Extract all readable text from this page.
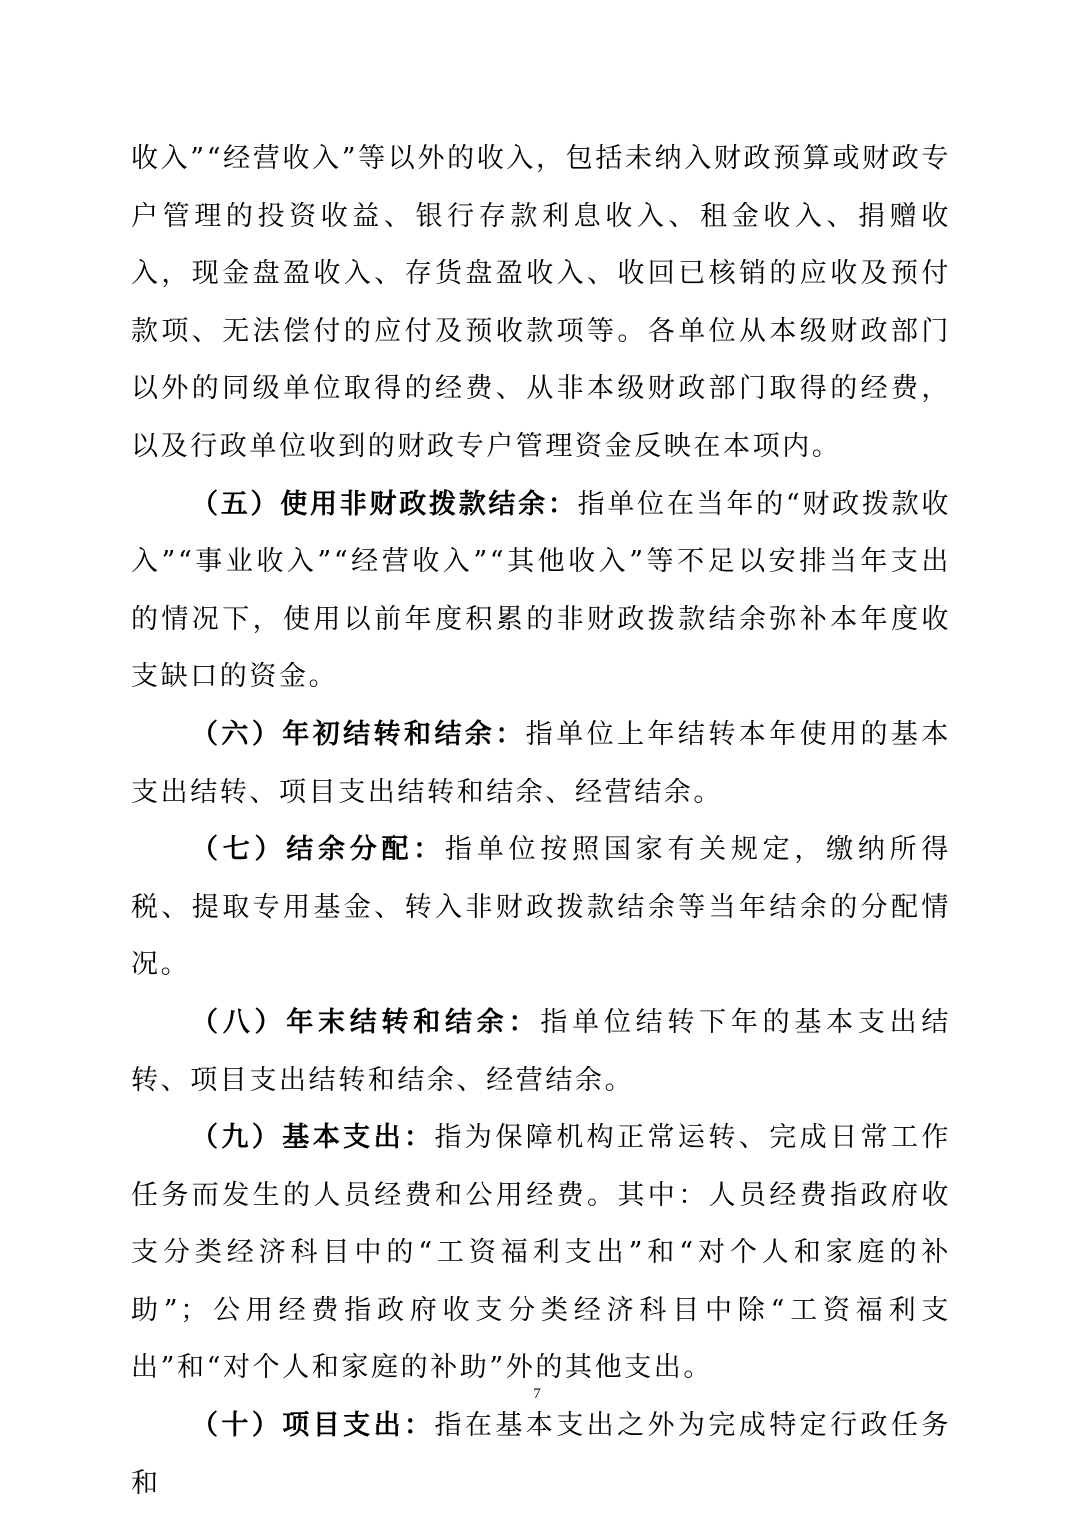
收入”“经营收入”等以外的收入，包括未纳入财政预算或财政专户管理的投资收益、银行存款利息收入、租金收入、捐赠收入，现金盘盈收入、存货盘盈收入、收回已核销的应收及预付款项、无法偿付的应付及预收款项等。各单位从本级财政部门以外的同级单位取得的经费、从非本级财政部门取得的经费，以及行政单位收到的财政专户管理资金反映在本项内。

（五）使用非财政拨款结余：指单位在当年的“财政拨款收入”“事业收入”“经营收入”“其他收入”等不足以安排当年支出的情况下，使用以前年度积累的非财政拨款结余弥补本年度收支缺口的资金。

（六）年初结转和结余：指单位上年结转本年使用的基本支出结转、项目支出结转和结余、经营结余。

（七）结余分配：指单位按照国家有关规定，缴纳所得税、提取专用基金、转入非财政拨款结余等当年结余的分配情况。

（八）年末结转和结余：指单位结转下年的基本支出结转、项目支出结转和结余、经营结余。

（九）基本支出：指为保障机构正常运转、完成日常工作任务而发生的人员经费和公用经费。其中：人员经费指政府收支分类经济科目中的“工资福利支出”和“对个人和家庭的补助”；公用经费指政府收支分类经济科目中除“工资福利支出”和“对个人和家庭的补助”外的其他支出。

（十）项目支出：指在基本支出之外为完成特定行政任务和

7
